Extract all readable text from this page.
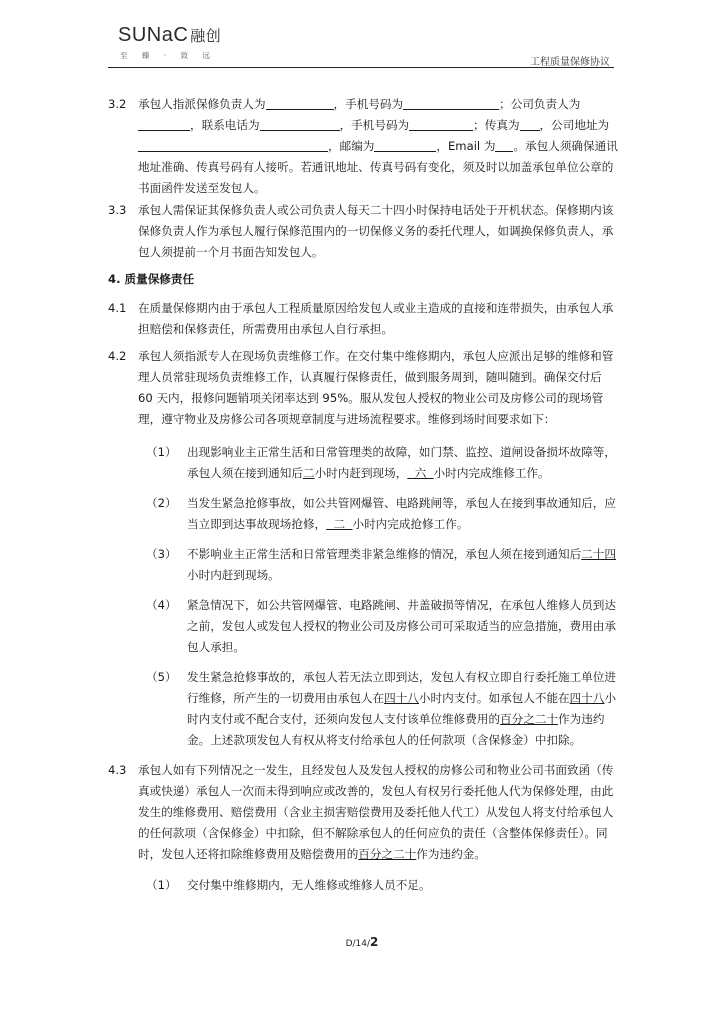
SUNaC 融创
至 臻 · 致 远
工程质量保修协议
3.2 承包人指派保修负责人为	，手机号码为	；公司负责人为，联系电话为	，手机号码为	；传真为 ，公司地址为，邮编为	，Email 为 。承包人须确保通讯地址准确、传真号码有人接听。若通讯地址、传真号码有变化，须及时以加盖承包单位公章的书面函件发送至发包人。
3.3 承包人需保证其保修负责人或公司负责人每天二十四小时保持电话处于开机状态。保修期内该保修负责人作为承包人履行保修范围内的一切保修义务的委托代理人，如调换保修负责人，承包人须提前一个月书面告知发包人。
4. 质量保修责任
4.1 在质量保修期内由于承包人工程质量原因给发包人或业主造成的直接和连带损失，由承包人承担赔偿和保修责任，所需费用由承包人自行承担。
4.2 承包人须指派专人在现场负责维修工作。在交付集中维修期内，承包人应派出足够的维修和管理人员常驻现场负责维修工作，认真履行保修责任，做到服务周到，随叫随到。确保交付后 60 天内，报修问题销项关闭率达到 95%。服从发包人授权的物业公司及房修公司的现场管理，遵守物业及房修公司各项规章制度与进场流程要求。维修到场时间要求如下：
（1） 出现影响业主正常生活和日常管理类的故障，如门禁、监控、道闸设备损坏故障等，承包人须在接到通知后二小时内赶到现场，  六  小时内完成维修工作。
（2） 当发生紧急抢修事故，如公共管网爆管、电路跳闸等，承包人在接到事故通知后，应当立即到达事故现场抢修，  二  小时内完成抢修工作。
（3） 不影响业主正常生活和日常管理类非紧急维修的情况，承包人须在接到通知后二十四小时内赶到现场。
（4） 紧急情况下，如公共管网爆管、电路跳闸、井盖破损等情况，在承包人维修人员到达之前，发包人或发包人授权的物业公司及房修公司可采取适当的应急措施，费用由承包人承担。
（5） 发生紧急抢修事故的，承包人若无法立即到达，发包人有权立即自行委托施工单位进行维修，所产生的一切费用由承包人在四十八小时内支付。如承包人不能在四十八小时内支付或不配合支付，还须向发包人支付该单位维修费用的百分之二十作为违约金。上述款项发包人有权从将支付给承包人的任何款项（含保修金）中扣除。
4.3 承包人如有下列情况之一发生，且经发包人及发包人授权的房修公司和物业公司书面致函（传真或快递）承包人一次而未得到响应或改善的，发包人有权另行委托他人代为保修处理，由此发生的维修费用、赔偿费用（含业主损害赔偿费用及委托他人代工）从发包人将支付给承包人的任何款项（含保修金）中扣除，但不解除承包人的任何应负的责任（含整体保修责任）。同时，发包人还将扣除维修费用及赔偿费用的百分之二十作为违约金。
（1） 交付集中维修期内，无人维修或维修人员不足。
D/14/2
